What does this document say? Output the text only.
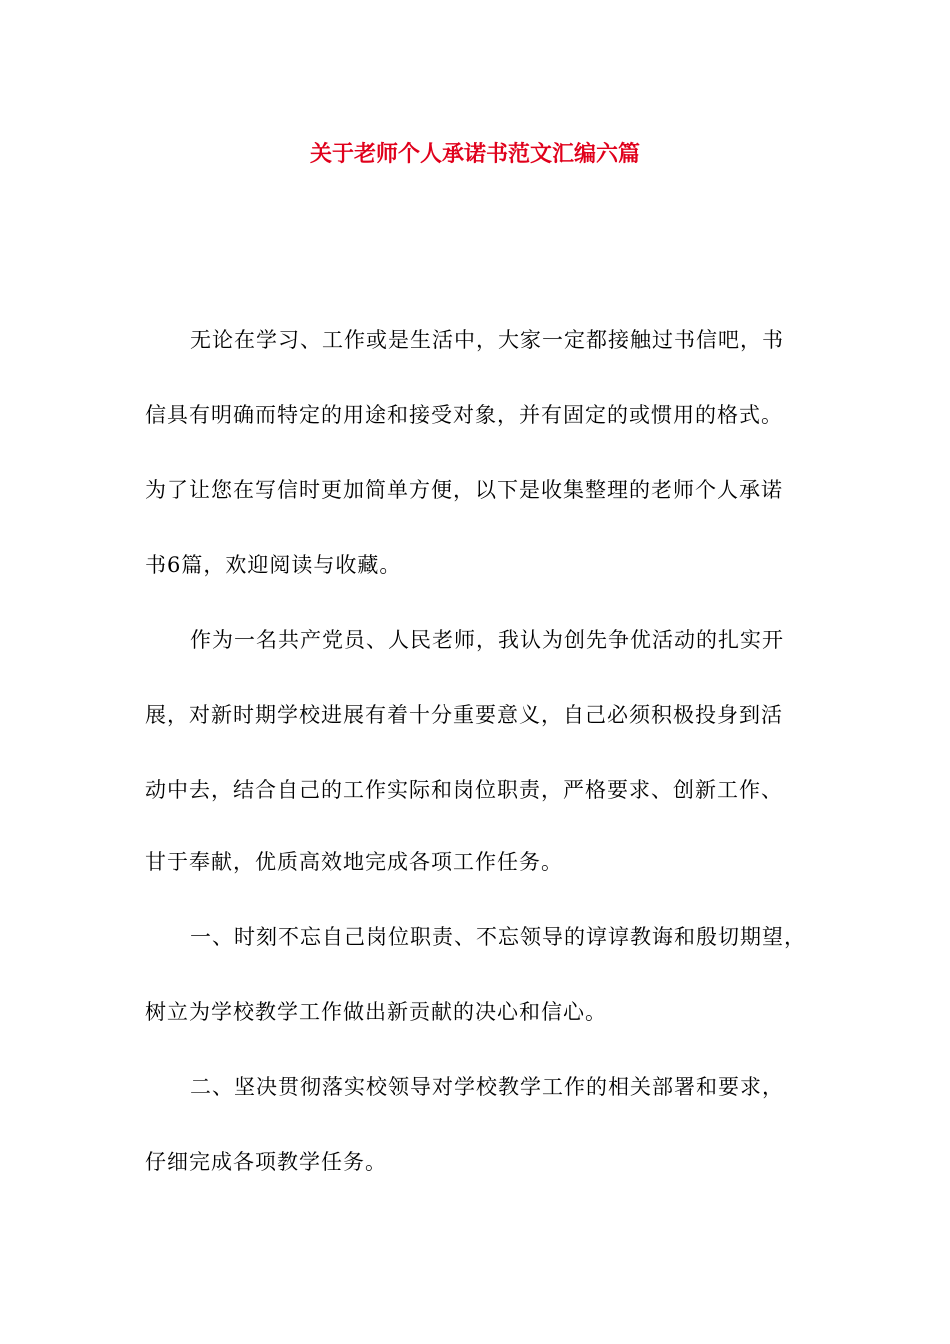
关于老师个人承诺书范文汇编六篇
无论在学习、工作或是生活中，大家一定都接触过书信吧，书
信具有明确而特定的用途和接受对象，并有固定的或惯用的格式。
为了让您在写信时更加简单方便，以下是收集整理的老师个人承诺
书6篇，欢迎阅读与收藏。
作为一名共产党员、人民老师，我认为创先争优活动的扎实开
展，对新时期学校进展有着十分重要意义，自己必须积极投身到活
动中去，结合自己的工作实际和岗位职责，严格要求、创新工作、
甘于奉献，优质高效地完成各项工作任务。
一、时刻不忘自己岗位职责、不忘领导的谆谆教诲和殷切期望，
树立为学校教学工作做出新贡献的决心和信心。
二、坚决贯彻落实校领导对学校教学工作的相关部署和要求，
仔细完成各项教学任务。
